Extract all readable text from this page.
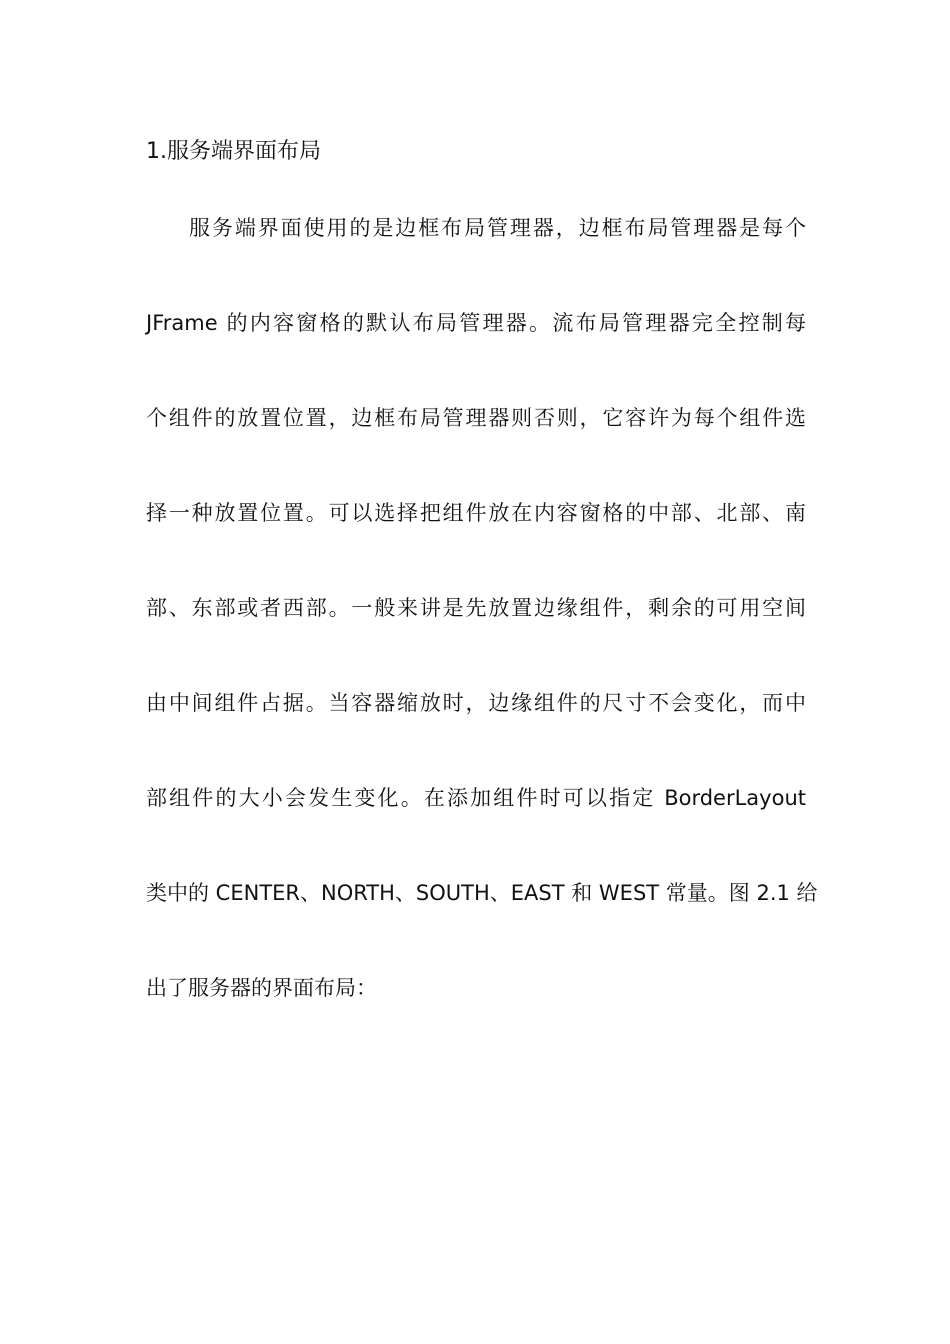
1.服务端界面布局
服务端界面使用的是边框布局管理器，边框布局管理器是每个
JFrame 的内容窗格的默认布局管理器。流布局管理器完全控制每
个组件的放置位置，边框布局管理器则否则，它容许为每个组件选
择一种放置位置。可以选择把组件放在内容窗格的中部、北部、南
部、东部或者西部。一般来讲是先放置边缘组件，剩余的可用空间
由中间组件占据。当容器缩放时，边缘组件的尺寸不会变化，而中
部组件的大小会发生变化。在添加组件时可以指定 BorderLayout
类中的 CENTER、NORTH、SOUTH、EAST 和 WEST 常量。图 2.1 给
出了服务器的界面布局：
